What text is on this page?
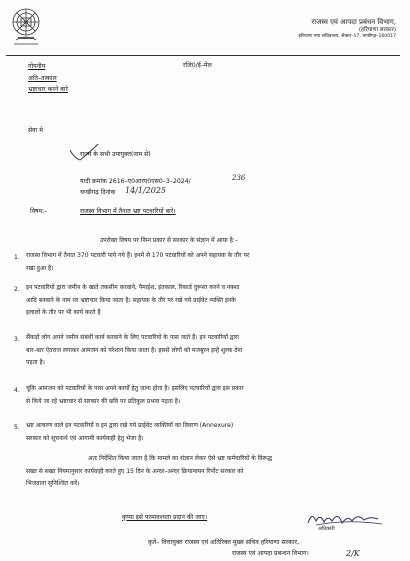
राजस्व एवं आपदा प्रबंधन विभाग,
(हरियाणा सरकार)
हरियाणा नया सचिवालय, सैक्टर–17, चण्डीगढ़–160017
गोपनीय	रजि0/ई–मेल
अति–तत्काल
भ्रष्टाचार करने बारे
सेवा मे
राज्य के सभी उपायुक्त(नाम से)
यादी क्रमांक 2616–ए0आरए0एस0–3–2024/	236
चण्डीगढ़ दिनांक 14/1/2025
विषय:–	राजस्व विभाग में तैनात भ्रष्ट पटवारियों बारे।
उपरोक्त विषय पर निम्न प्रकार से सरकार के संज्ञान में आया है:–
1. राजस्व विभाग में तैनात 370 पटवारी पाये गये हैं। इनमें से 170 पटवारियों को अपने सहायक के तौर पर
रखा हुआ है।
2. इन पटवारियों द्वारा जमीन के खाते तकसीम करवाने, पैमाईश, इंतकाल, रिकार्ड दुरूस्त करने व नक्शा
आदि बनवाने के नाम पर भ्रष्टाचार किया जाता है। सहायक के तौर पर रखे गये प्राईवेट व्यक्ति इनके
इलालों के तौर पर भी कार्य करते हैं
3. सैंकड़ों लोग अपने जमीन संबंधी कार्य करवाने के लिए पटवारियों के पास जाते हैं। इन पटवारियों द्वारा
बार–बार ऐतराज लगाकर आमजन को परेशान किया जाता है। इससे लोगों को मजबूरन इन्हें शुल्क देना
पड़ता है।
4. चूंकि आमजन को पटवारियों के पास अपने कार्यों हेतु जाना होता है। इसलिए पटवारियों द्वारा इस प्रकार
से किये जा रहे भ्रष्टाचार से सरकार की छवि पर प्रतिकूल प्रभाव पड़ता है।
5. भ्रष्ट आचरण वाले इन पटवारियों व इन द्वारा रखे गये प्राईवेट व्यक्तियों का विवरण (Annexure)
सरकार को सूचनार्थ एवं आगामी कार्यवाही हेतु भेजा है।
अतः निर्देशित किया जाता है कि मामले का संज्ञान लेकर ऐसे भ्रष्ट कर्मचारियों के विरूद्ध
सख्त से सख्त नियमानुसार कार्यवाही करते हुए 15 दिन के अन्दर–अन्दर क्रियान्वयन रिर्पोट सरकार को
भिजवाना सुनिश्चित करें।
कृप्या इसे परमावश्यता प्रदान की जाए।
अधिकारी
कृते– वित्तायुक्त राजस्व एवं अतिरिक्त मुख्य सचिव हरियाणा सरकार,
राजस्व एवं आपदा प्रबन्धन विभाग।	2/K
